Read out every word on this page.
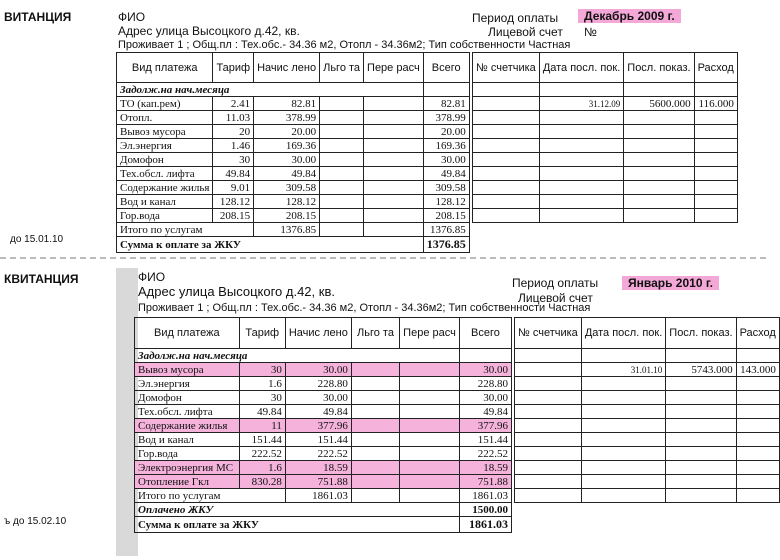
ВИТАНЦИЯ	ФИО
Адрес улица Высоцкого д.42, кв.
Проживает 1 ; Общ.пл : Тех.обс.- 34.36 м2, Отопл - 34.36м2; Тип собственности Частная
Период оплаты	Декабрь 2009 г.
Лицевой счет №
до 15.01.10
Вид платежа	Тариф	Начис лено	Льго та	Пере расч	Всего
Задолж.на нач.месяца					
ТО (кап.рем)	2.41	82.81			82.81
Отопл.	11.03	378.99			378.99
Вывоз мусора	20	20.00			20.00
Эл.энергия	1.46	169.36			169.36
Домофон	30	30.00			30.00
Тех.обсл. лифта	49.84	49.84			49.84
Содержание жилья	9.01	309.58			309.58
Вод и канал	128.12	128.12			128.12
Гор.вода	208.15	208.15			208.15
Итого по услугам		1376.85			1376.85
Сумма к оплате за ЖКУ					1376.85
№ счетчика	Дата посл. пок.	Посл. показ.	Расход

	31.12.09	5600.000	116.000

КВИТАНЦИЯ	ФИО
Адрес улица Высоцкого д.42, кв.
Проживает 1 ; Общ.пл : Тех.обс.- 34.36 м2, Отопл - 34.36м2; Тип собственности Частная
Период оплаты	Январь 2010 г.
Лицевой счет
ъ до 15.02.10
Вид платежа	Тариф	Начис лено	Льго та	Пере расч	Всего
Задолж.на нач.месяца					
Вывоз мусора	30	30.00			30.00
Эл.энергия	1.6	228.80			228.80
Домофон	30	30.00			30.00
Тех.обсл. лифта	49.84	49.84			49.84
Содержание жилья	11	377.96			377.96
Вод и канал	151.44	151.44			151.44
Гор.вода	222.52	222.52			222.52
Электроэнергия МС	1.6	18.59			18.59
Отопление Гкл	830.28	751.88			751.88
Итого по услугам		1861.03			1861.03
Оплачено ЖКУ					1500.00
Сумма к оплате за ЖКУ					1861.03
№ счетчика	Дата посл. пок.	Посл. показ.	Расход

	31.01.10	5743.000	143.000
